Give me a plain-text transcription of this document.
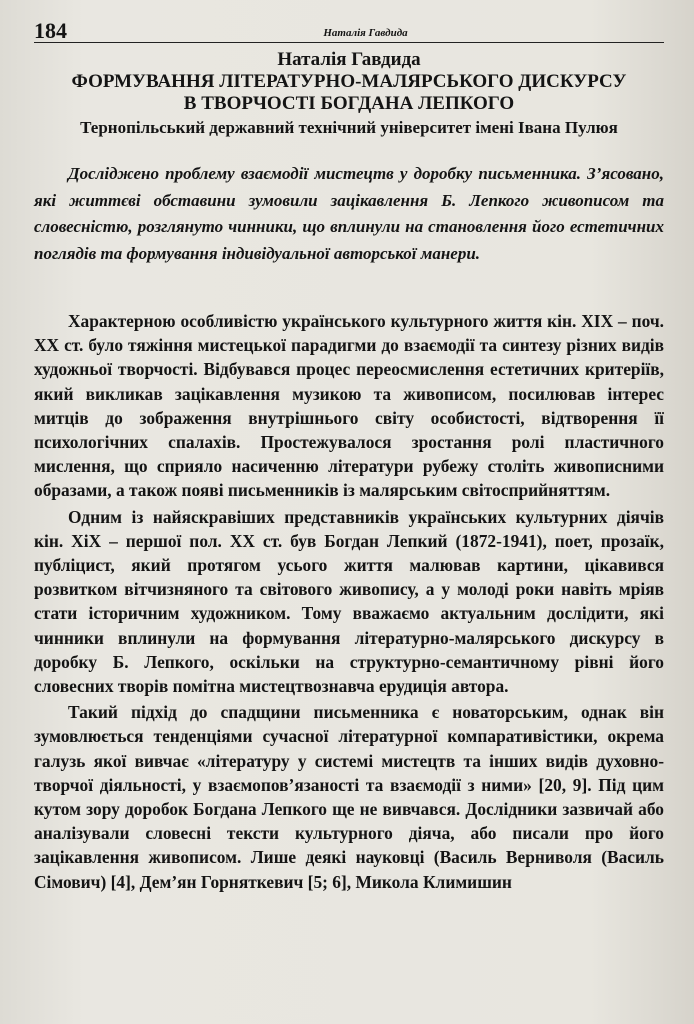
184	Наталія Гавдида
Наталія Гавдида
ФОРМУВАННЯ ЛІТЕРАТУРНО-МАЛЯРСЬКОГО ДИСКУРСУ
В ТВОРЧОСТІ БОГДАНА ЛЕПКОГО
Тернопільський державний технічний університет імені Івана Пулюя

Досліджено проблему взаємодії мистецтв у доробку письменника. З’ясовано, які життєві обставини зумовили зацікавлення Б. Лепкого живописом та словесністю, розглянуто чинники, що вплинули на становлення його естетичних поглядів та формування індивідуальної авторської манери.

Характерною особливістю українського культурного життя кін. XIX – поч. XX ст. було тяжіння мистецької парадигми до взаємодії та синтезу різних видів художньої творчості. Відбувався процес переосмислення естетичних критеріїв, який викликав зацікавлення музикою та живописом, посилював інтерес митців до зображення внутрішнього світу особистості, відтворення її психологічних спалахів. Простежувалося зростання ролі пластичного мислення, що сприяло насиченню літератури рубежу століть живописними образами, а також появі письменників із малярським світосприйняттям.

Одним із найяскравіших представників українських культурних діячів кін. XiX – першої пол. XX ст. був Богдан Лепкий (1872-1941), поет, прозаїк, публіцист, який протягом усього життя малював картини, цікавився розвитком вітчизняного та світового живопису, а у молоді роки навіть мріяв стати історичним художником. Тому вважаємо актуальним дослідити, які чинники вплинули на формування літературно-малярського дискурсу в доробку Б. Лепкого, оскільки на структурно-семантичному рівні його словесних творів помітна мистецтвознавча ерудиція автора.

Такий підхід до спадщини письменника є новаторським, однак він зумовлюється тенденціями сучасної літературної компаративістики, окрема галузь якої вивчає «літературу у системі мистецтв та інших видів духовно-творчої діяльності, у взаємопов’язаності та взаємодії з ними» [20, 9]. Під цим кутом зору доробок Богдана Лепкого ще не вивчався. Дослідники зазвичай або аналізували словесні тексти культурного діяча, або писали про його зацікавлення живописом. Лише деякі науковці (Василь Верниволя (Василь Сімович) [4], Дем’ян Горняткевич [5; 6], Микола Климишин
